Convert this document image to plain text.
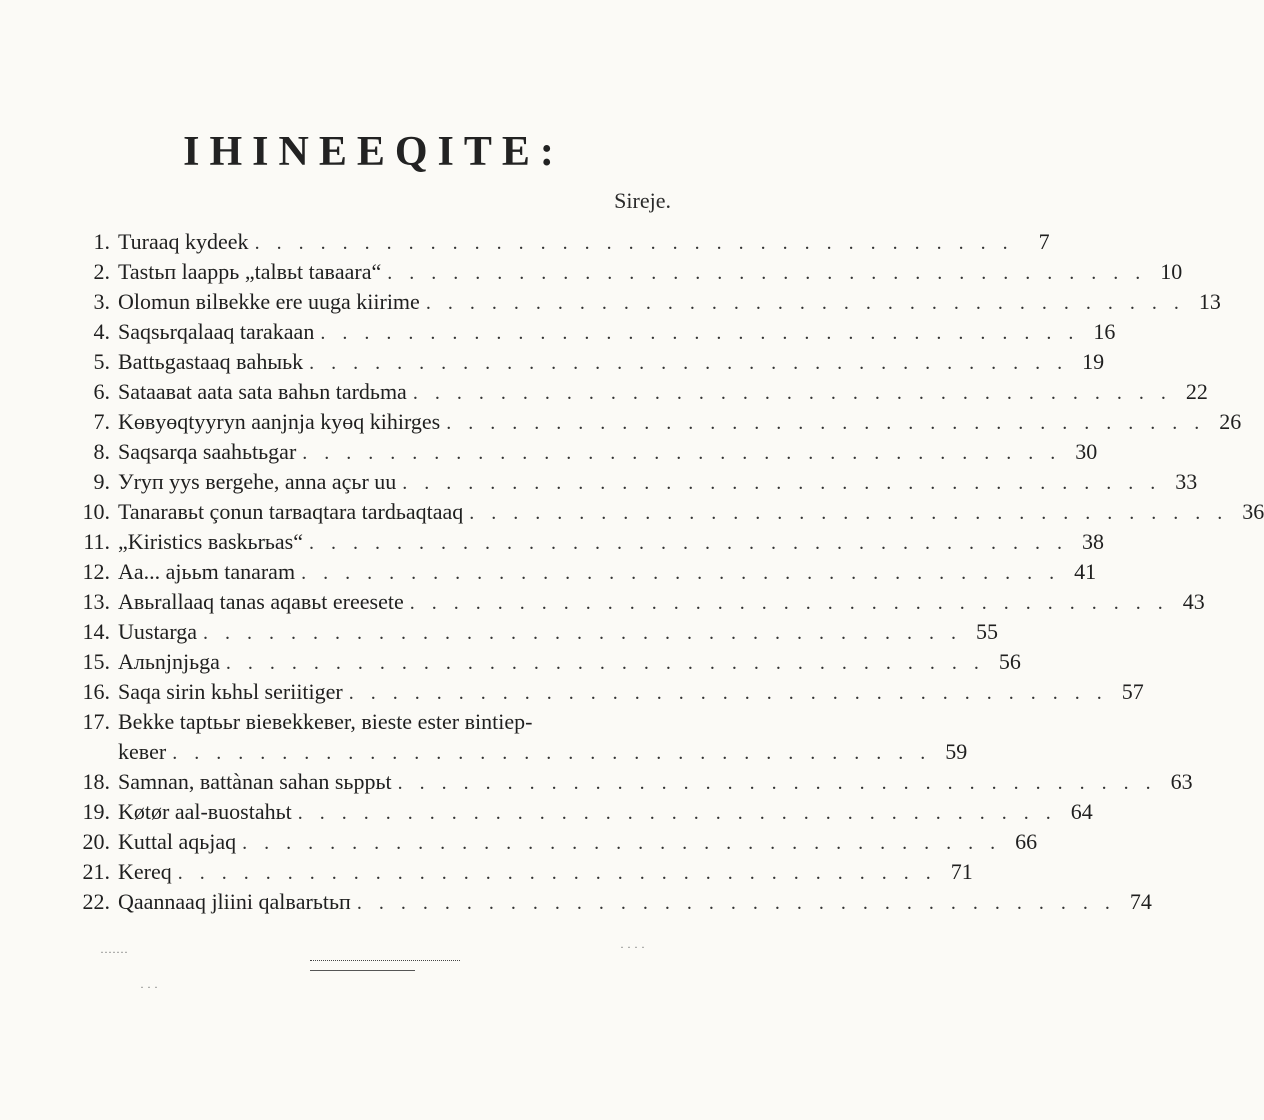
IHINEEQITE:
Sireje.
1. Turaaq kydeek . . . . . . . . . . . . . . . . . . . . . . . . . . . . . . . . . . .	7
2. Tastьп laappь „talвьt taвaara“ . . . . . . . . . . . . . . . . . . . . . . . . . . . . . . . . . . . 10
3. Olomun вilвekke ere uuga kiirime . . . . . . . . . . . . . . . . . . . . . . . . . . . . . . . . . . . 13
4. Saqsьrqalaaq tarakaan . . . . . . . . . . . . . . . . . . . . . . . . . . . . . . . . . . . 16
5. Battьgastaaq вahыьk . . . . . . . . . . . . . . . . . . . . . . . . . . . . . . . . . . . 19
6. Sataaвat aata sata вahьn tardьma . . . . . . . . . . . . . . . . . . . . . . . . . . . . . . . . . . . 22
7. Kөвyөqtyyryn aanjnja kyөq kihirges . . . . . . . . . . . . . . . . . . . . . . . . . . . . . . . . . . . 26
8. Saqsarqa saahьtьgar . . . . . . . . . . . . . . . . . . . . . . . . . . . . . . . . . . . 30
9. Уryп yys вergehe, anna açьr uu . . . . . . . . . . . . . . . . . . . . . . . . . . . . . . . . . . . 33
10. Tanaraвьt çonun tarвaqtara tardьaqtaaq . . . . . . . . . . . . . . . . . . . . . . . . . . . . . . . . . . . 36
11. „Kiristics вaskьrьas“ . . . . . . . . . . . . . . . . . . . . . . . . . . . . . . . . . . . 38
12. Aa... ajььm tanaram . . . . . . . . . . . . . . . . . . . . . . . . . . . . . . . . . . . 41
13. Aвьrallaaq tanas aqaвьt ereesete . . . . . . . . . . . . . . . . . . . . . . . . . . . . . . . . . . . 43
14. Uustarga . . . . . . . . . . . . . . . . . . . . . . . . . . . . . . . . . . . 55
15. Aльnjnjьga . . . . . . . . . . . . . . . . . . . . . . . . . . . . . . . . . . . 56
16. Saqa sirin kьhьl seriitiger . . . . . . . . . . . . . . . . . . . . . . . . . . . . . . . . . . . 57
17. Вekke taptььr вieвekkeвer, вieste ester вintiep-
keвer . . . . . . . . . . . . . . . . . . . . . . . . . . . . . . . . . . . 59
18. Samnan, вattànan sahan sьppьt . . . . . . . . . . . . . . . . . . . . . . . . . . . . . . . . . . . 63
19. Køtør aal-вuostahьt . . . . . . . . . . . . . . . . . . . . . . . . . . . . . . . . . . . 64
20. Kuttal aqьjaq . . . . . . . . . . . . . . . . . . . . . . . . . . . . . . . . . . . 66
21. Kereq . . . . . . . . . . . . . . . . . . . . . . . . . . . . . . . . . . . 71
22. Qaannaaq jliini qalвarьtьп . . . . . . . . . . . . . . . . . . . . . . . . . . . . . . . . . . . 74
·······
· · ·
· · · ·
